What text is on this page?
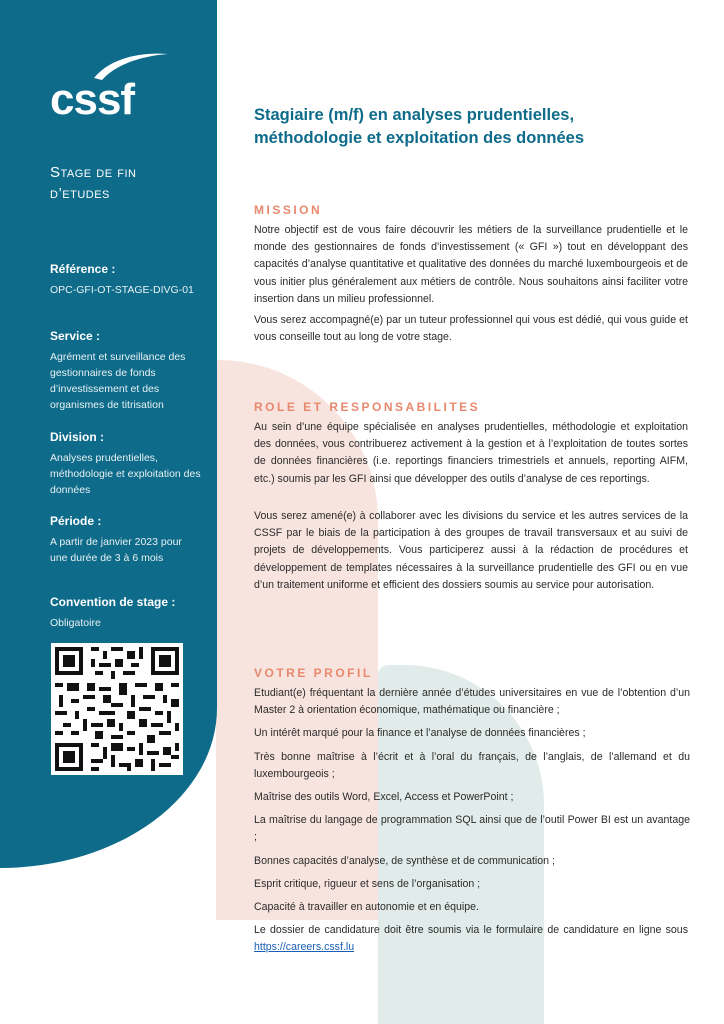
cssf
Stage de fin d’etudes
Référence :
OPC-GFI-OT-STAGE-DIVG-01
Service :
Agrément et surveillance des gestionnaires de fonds d’investissement et des organismes de titrisation
Division :
Analyses prudentielles, méthodologie et exploitation des données
Période :
A partir de janvier 2023 pour une durée de 3 à 6 mois
Convention de stage :
Obligatoire
Stagiaire (m/f) en analyses prudentielles, méthodologie et exploitation des données
MISSION
Notre objectif est de vous faire découvrir les métiers de la surveillance prudentielle et le monde des gestionnaires de fonds d’investissement (« GFI ») tout en développant des capacités d’analyse quantitative et qualitative des données du marché luxembourgeois et de vous initier plus généralement aux métiers de contrôle. Nous souhaitons ainsi faciliter votre insertion dans un milieu professionnel.
Vous serez accompagné(e) par un tuteur professionnel qui vous est dédié, qui vous guide et vous conseille tout au long de votre stage.
ROLE ET RESPONSABILITES
Au sein d’une équipe spécialisée en analyses prudentielles, méthodologie et exploitation des données, vous contribuerez activement à la gestion et à l’exploitation de toutes sortes de données financières (i.e. reportings financiers trimestriels et annuels, reporting AIFM, etc.) soumis par les GFI ainsi que développer des outils d’analyse de ces reportings.
Vous serez amené(e) à collaborer avec les divisions du service et les autres services de la CSSF par le biais de la participation à des groupes de travail transversaux et au suivi de projets de développements. Vous participerez aussi à la rédaction de procédures et développement de templates nécessaires à la surveillance prudentielle des GFI ou en vue d’un traitement uniforme et efficient des dossiers soumis au service pour autorisation.
VOTRE PROFIL

Etudiant(e) fréquentant la dernière année d’études universitaires en vue de l’obtention d’un Master 2 à orientation économique, mathématique ou financière ;

Un intérêt marqué pour la finance et l’analyse de données financières ;

Très bonne maîtrise à l’écrit et à l’oral du français, de l’anglais, de l’allemand et du luxembourgeois ;

Maîtrise des outils Word, Excel, Access et PowerPoint ;

La maîtrise du langage de programmation SQL ainsi que de l’outil Power BI est un avantage ;

Bonnes capacités d’analyse, de synthèse et de communication ;

Esprit critique, rigueur et sens de l’organisation ;

Capacité à travailler en autonomie et en équipe.

Le dossier de candidature doit être soumis via le formulaire de candidature en ligne sous https://careers.cssf.lu
